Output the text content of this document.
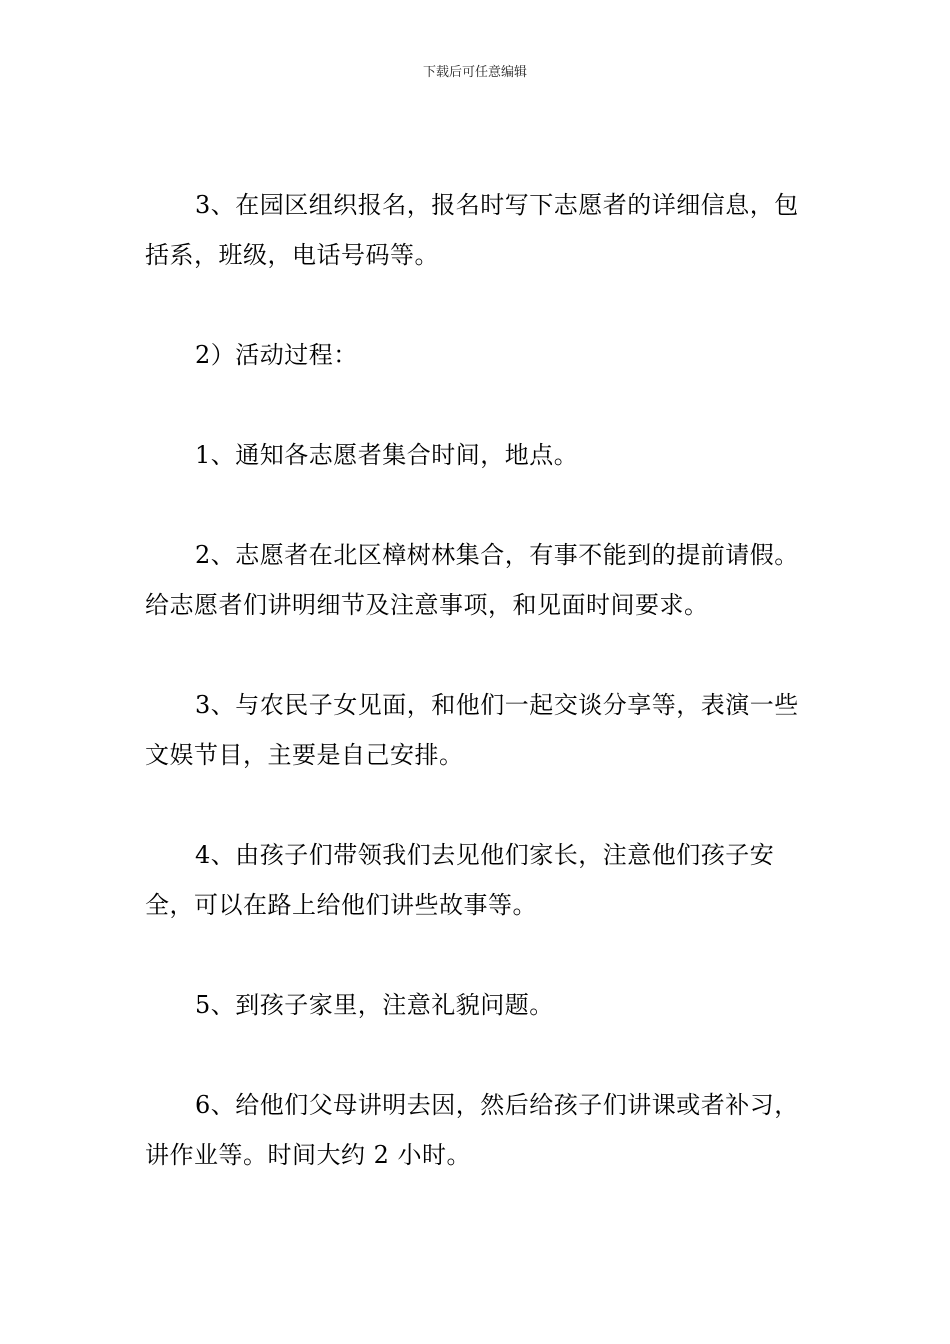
下载后可任意编辑

3、在园区组织报名，报名时写下志愿者的详细信息，包括系，班级，电话号码等。

2）活动过程：

1、通知各志愿者集合时间，地点。

2、志愿者在北区樟树林集合，有事不能到的提前请假。给志愿者们讲明细节及注意事项，和见面时间要求。

3、与农民子女见面，和他们一起交谈分享等，表演一些文娱节目，主要是自己安排。

4、由孩子们带领我们去见他们家长，注意他们孩子安全，可以在路上给他们讲些故事等。

5、到孩子家里，注意礼貌问题。

6、给他们父母讲明去因，然后给孩子们讲课或者补习，讲作业等。时间大约 2 小时。
